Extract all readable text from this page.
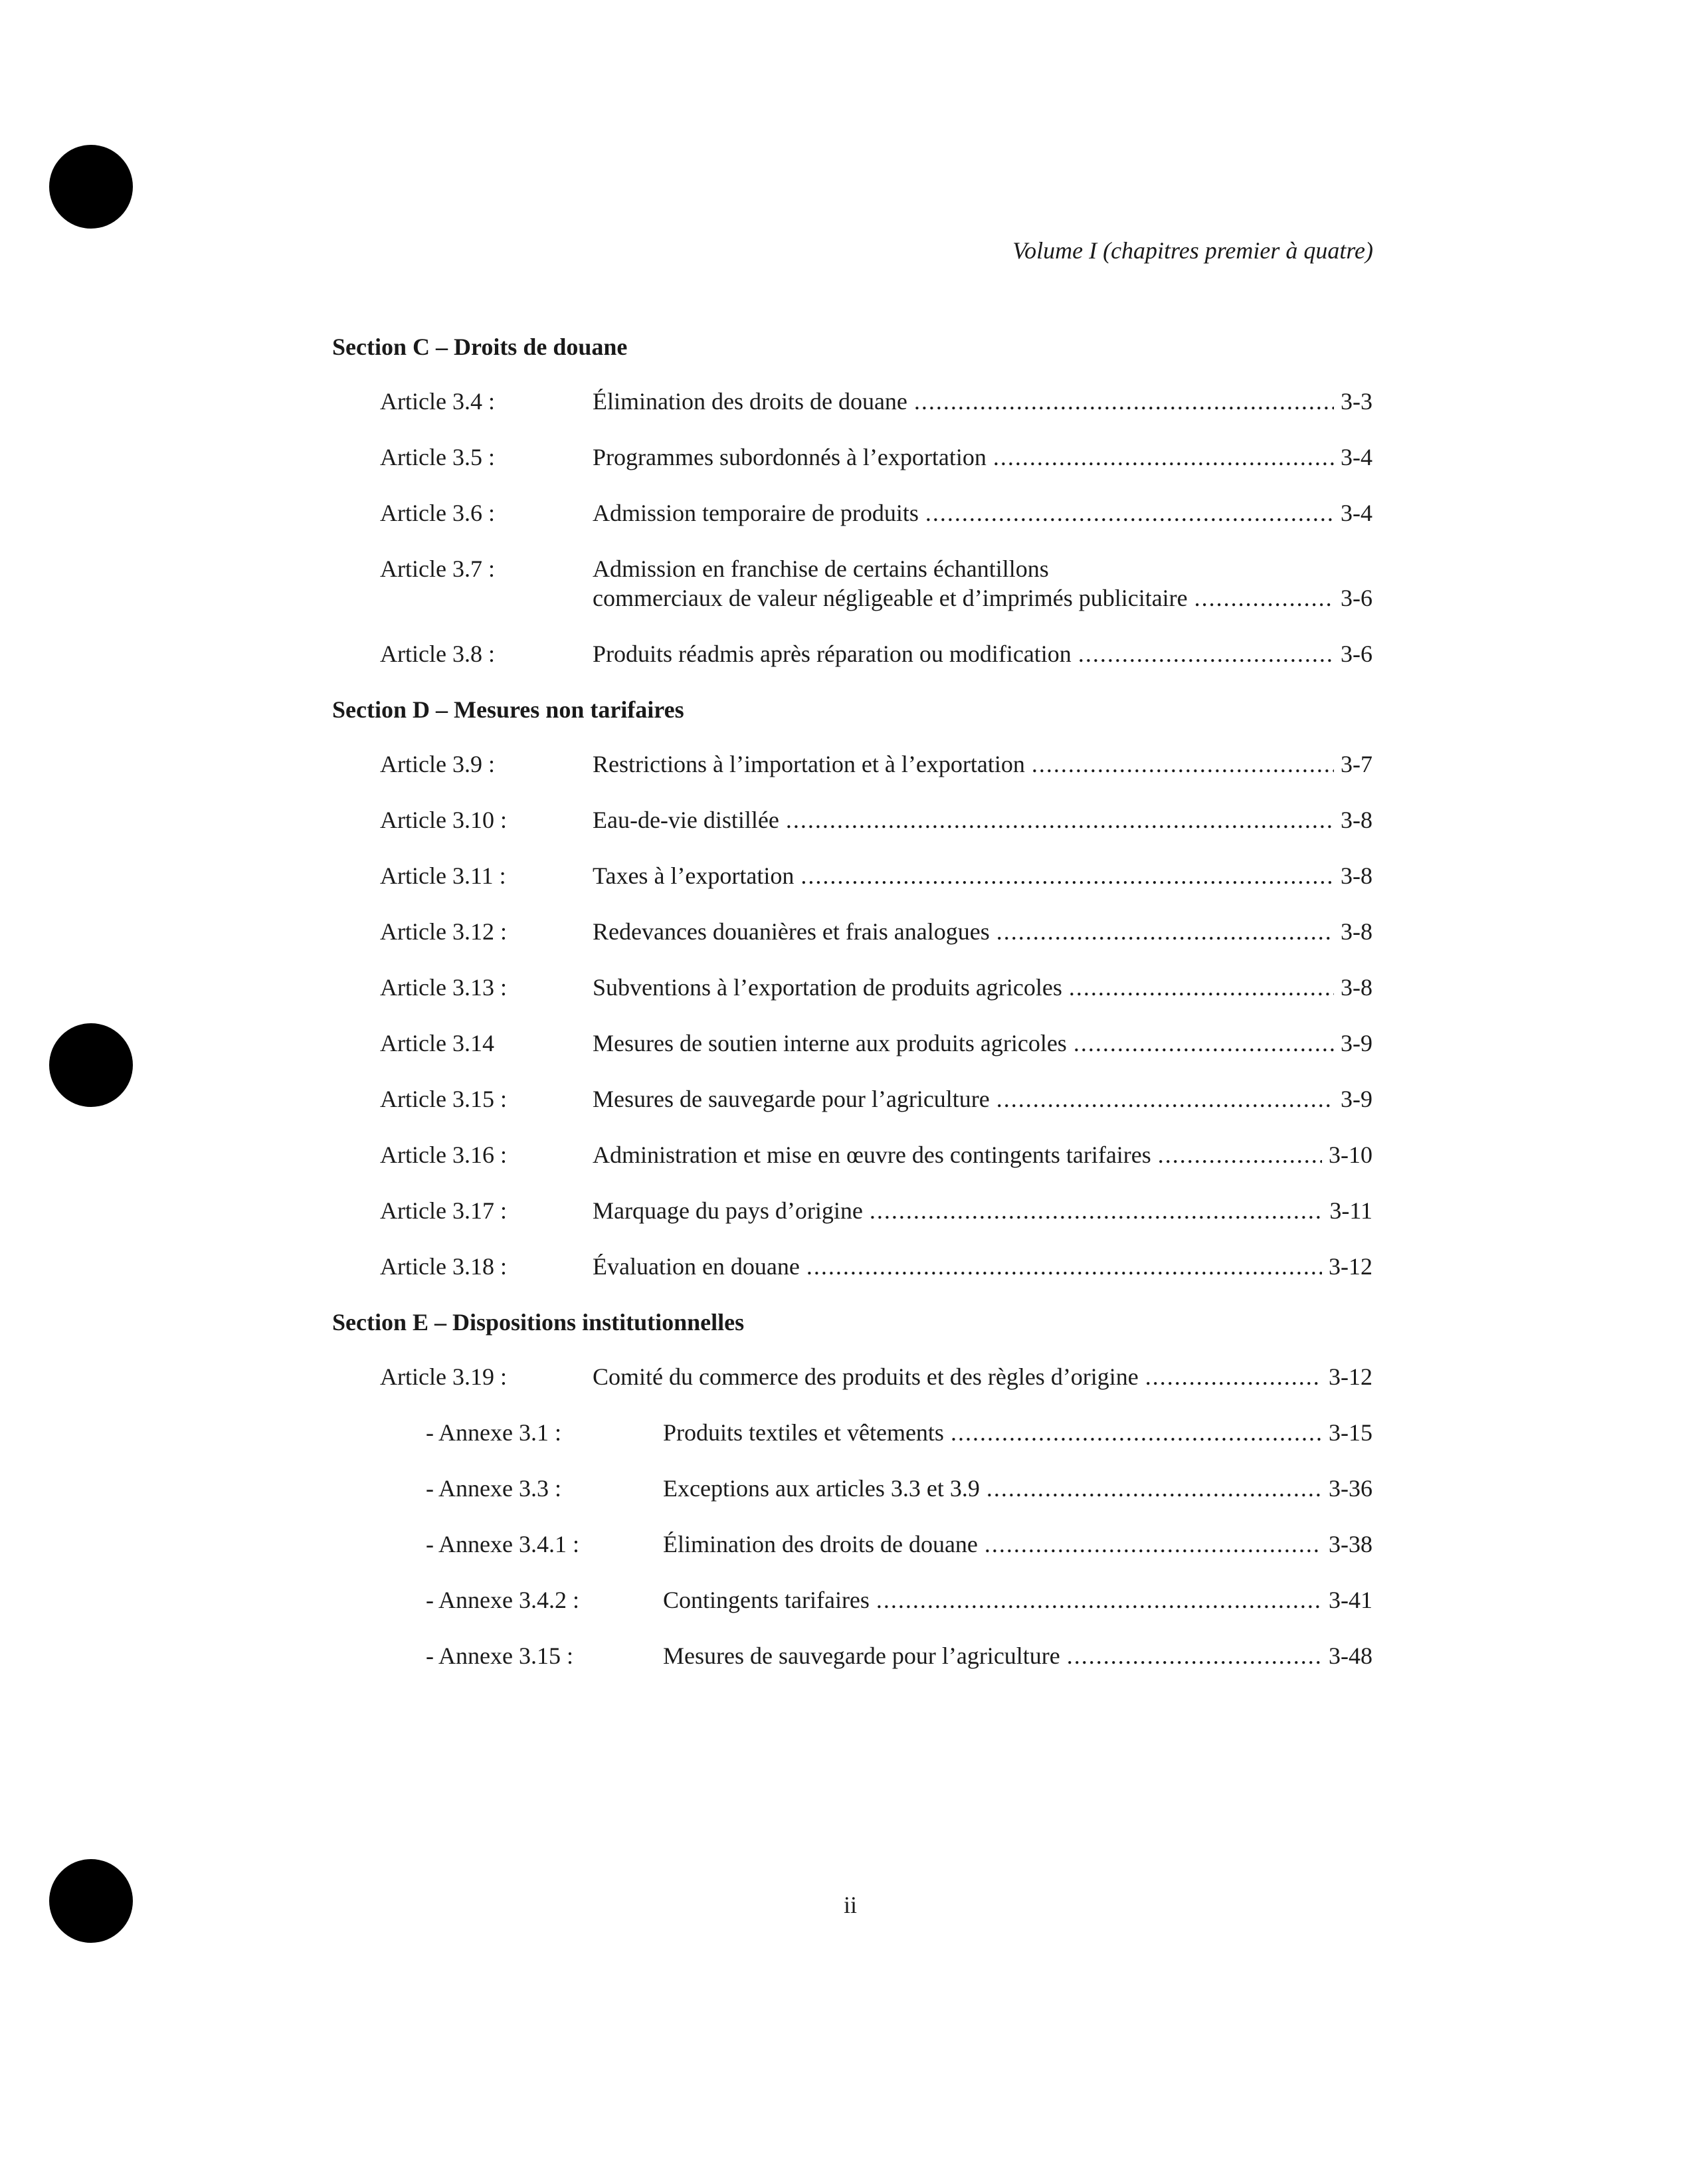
Volume I (chapitres premier à quatre)
Section C – Droits de douane
Article 3.4 :	Élimination des droits de douane .....	3-3
Article 3.5 :	Programmes subordonnés à l’exportation .....	3-4
Article 3.6 :	Admission temporaire de produits .....	3-4
Article 3.7 :	Admission en franchise de certains échantillons
commerciaux de valeur négligeable et d’imprimés publicitaire .....	3-6
Article 3.8 :	Produits réadmis après réparation ou modification .....	3-6
Section D – Mesures non tarifaires
Article 3.9 :	Restrictions à l’importation et à l’exportation .....	3-7
Article 3.10 :	Eau-de-vie distillée .....	3-8
Article 3.11 :	Taxes à l’exportation .....	3-8
Article 3.12 :	Redevances douanières et frais analogues .....	3-8
Article 3.13 :	Subventions à l’exportation de produits agricoles .....	3-8
Article 3.14	Mesures de soutien interne aux produits agricoles .....	3-9
Article 3.15 :	Mesures de sauvegarde pour l’agriculture .....	3-9
Article 3.16 :	Administration et mise en œuvre des contingents tarifaires .....	3-10
Article 3.17 :	Marquage du pays d’origine .....	3-11
Article 3.18 :	Évaluation en douane .....	3-12
Section E – Dispositions institutionnelles
Article 3.19 :	Comité du commerce des produits et des règles d’origine .....	3-12
- Annexe 3.1 :	Produits textiles et vêtements .....	3-15
- Annexe 3.3 :	Exceptions aux articles 3.3 et 3.9 .....	3-36
- Annexe 3.4.1 :	Élimination des droits de douane .....	3-38
- Annexe 3.4.2 :	Contingents tarifaires .....	3-41
- Annexe 3.15 :	Mesures de sauvegarde pour l’agriculture .....	3-48
ii
